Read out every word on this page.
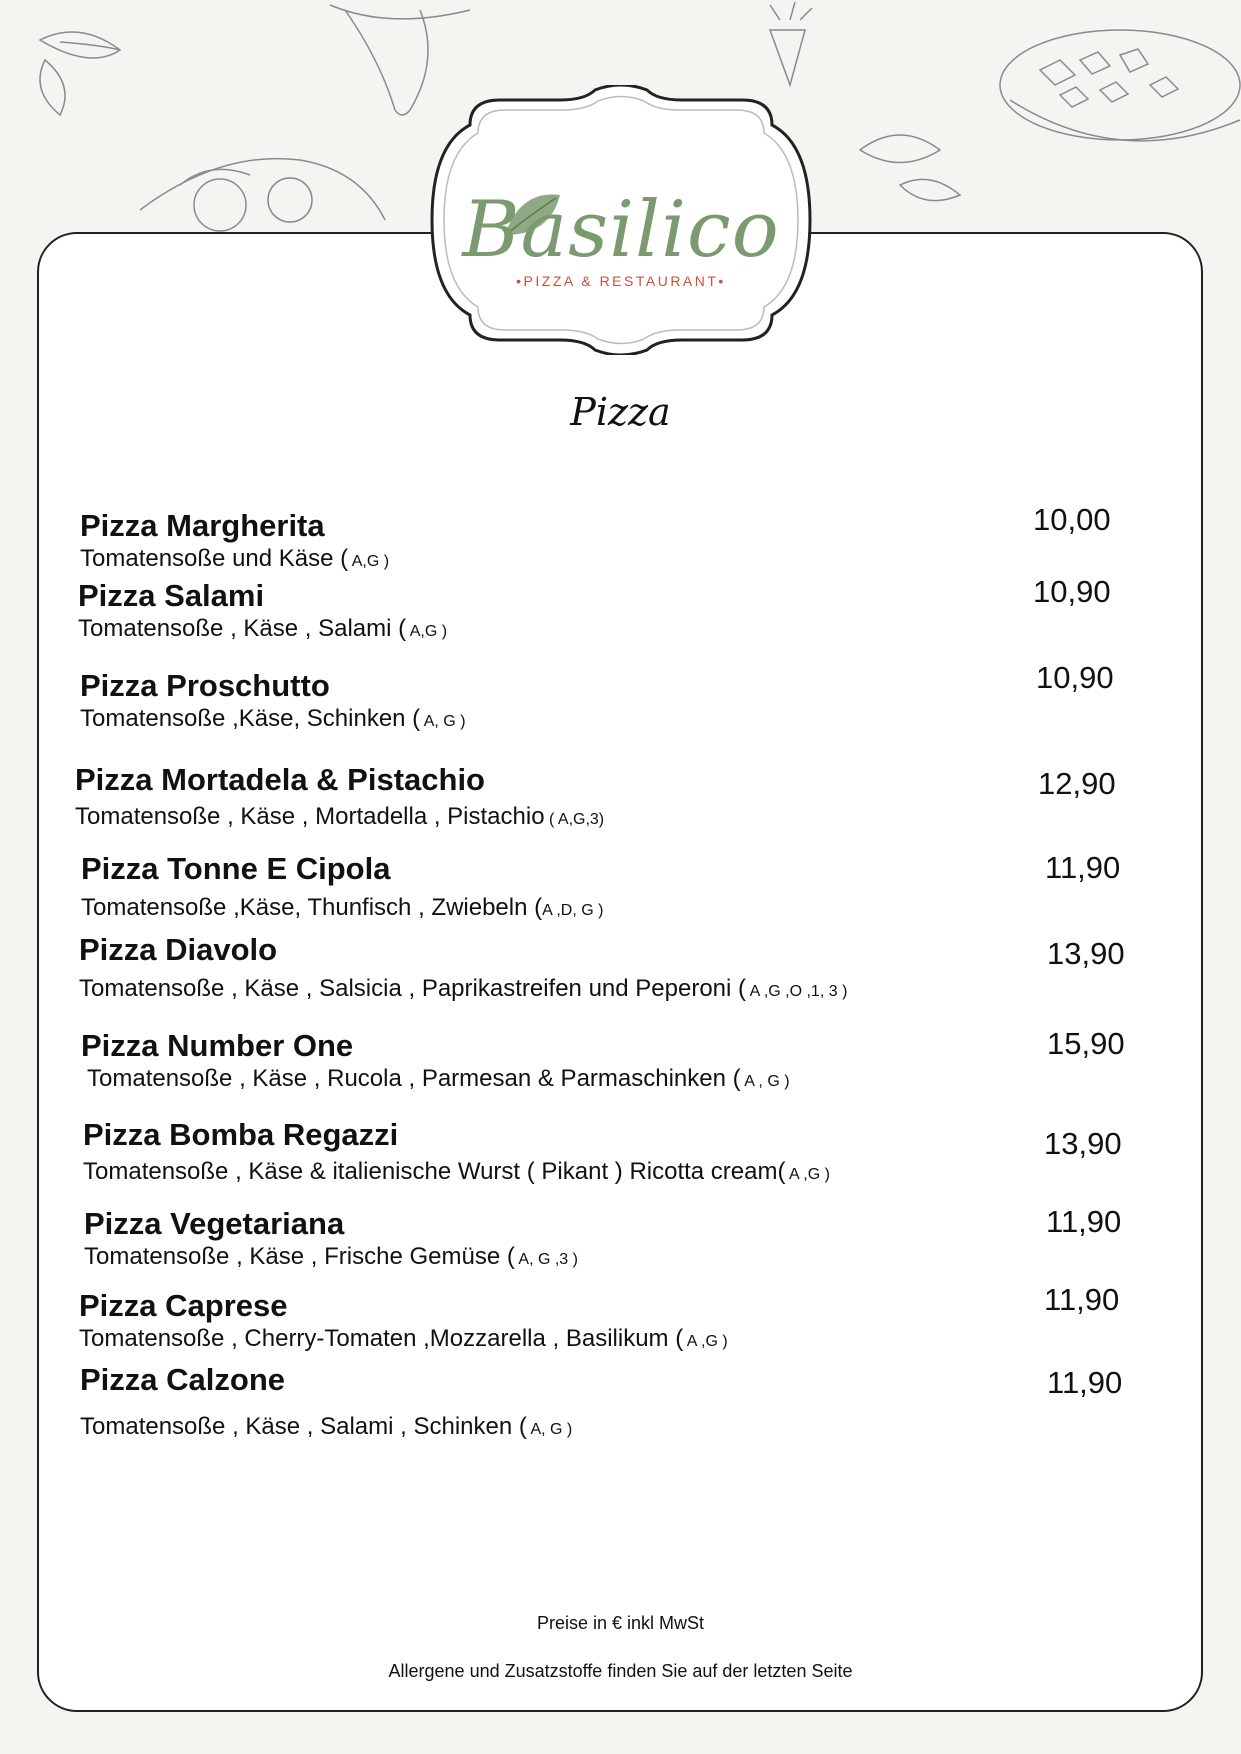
Basilico
•PIZZA & RESTAURANT•
Pizza
Pizza Margherita
Tomatensoße und Käse ( A,G )
10,00
Pizza Salami
Tomatensoße , Käse , Salami ( A,G )
10,90
Pizza Proschutto
Tomatensoße ,Käse, Schinken ( A, G )
10,90
Pizza Mortadela & Pistachio
Tomatensoße , Käse , Mortadella , Pistachio ( A,G,3)
12,90
Pizza Tonne E Cipola
Tomatensoße ,Käse, Thunfisch , Zwiebeln (A ,D, G )
11,90
Pizza Diavolo
Tomatensoße , Käse , Salsicia , Paprikastreifen und Peperoni ( A ,G ,O ,1, 3 )
13,90
Pizza Number One
Tomatensoße , Käse , Rucola , Parmesan & Parmaschinken ( A , G )
15,90
Pizza Bomba Regazzi
Tomatensoße , Käse & italienische Wurst ( Pikant ) Ricotta cream( A ,G )
13,90
Pizza Vegetariana
Tomatensoße , Käse , Frische Gemüse ( A, G ,3 )
11,90
Pizza Caprese
Tomatensoße , Cherry-Tomaten ,Mozzarella , Basilikum ( A ,G )
11,90
Pizza Calzone
Tomatensoße , Käse , Salami , Schinken ( A, G )
11,90
Preise in € inkl MwSt
Allergene und Zusatzstoffe finden Sie auf der letzten Seite
